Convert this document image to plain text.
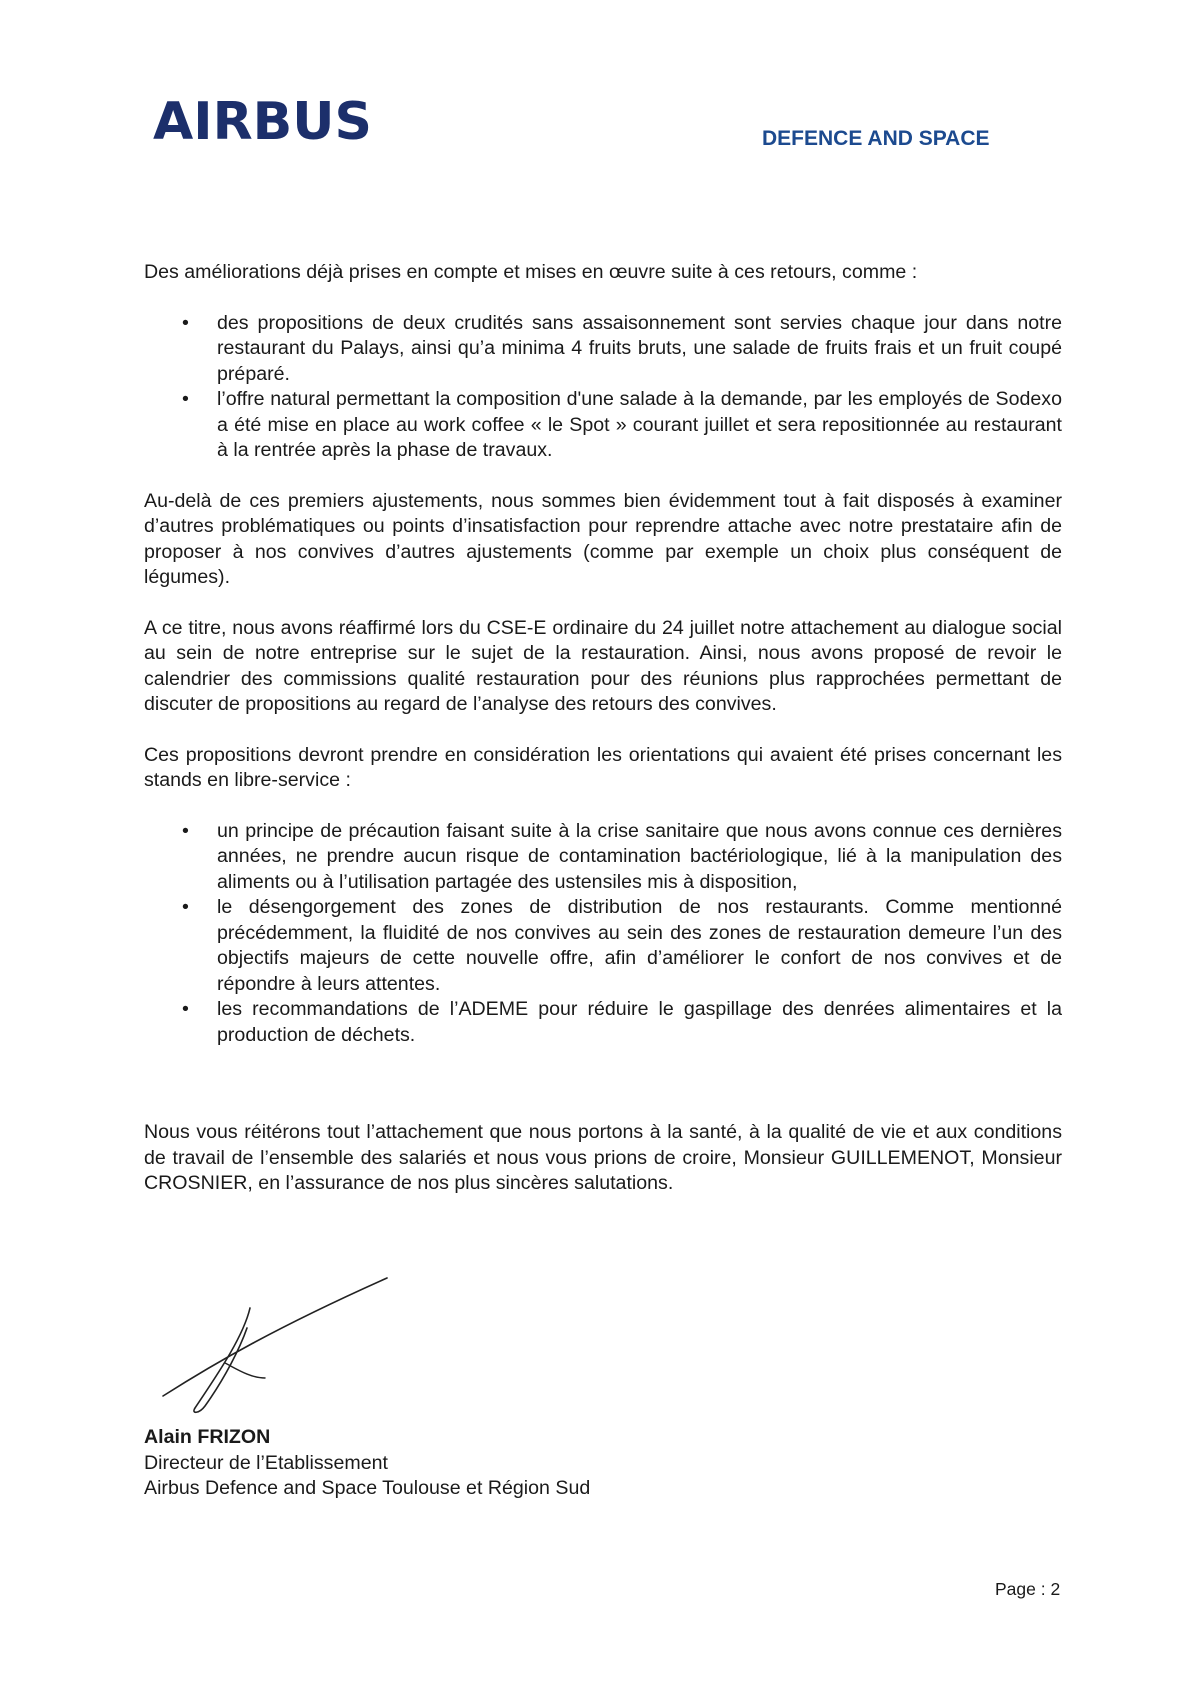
AIRBUS	DEFENCE AND SPACE

Des améliorations déjà prises en compte et mises en œuvre suite à ces retours, comme :

• des propositions de deux crudités sans assaisonnement sont servies chaque jour dans notre restaurant du Palays, ainsi qu’a minima 4 fruits bruts, une salade de fruits frais et un fruit coupé préparé.
• l’offre natural permettant la composition d'une salade à la demande, par les employés de Sodexo a été mise en place au work coffee « le Spot » courant juillet et sera repositionnée au restaurant à la rentrée après la phase de travaux.

Au-delà de ces premiers ajustements, nous sommes bien évidemment tout à fait disposés à examiner d’autres problématiques ou points d’insatisfaction pour reprendre attache avec notre prestataire afin de proposer à nos convives d’autres ajustements (comme par exemple un choix plus conséquent de légumes).

A ce titre, nous avons réaffirmé lors du CSE-E ordinaire du 24 juillet notre attachement au dialogue social au sein de notre entreprise sur le sujet de la restauration. Ainsi, nous avons proposé de revoir le calendrier des commissions qualité restauration pour des réunions plus rapprochées permettant de discuter de propositions au regard de l’analyse des retours des convives.

Ces propositions devront prendre en considération les orientations qui avaient été prises concernant les stands en libre-service :

• un principe de précaution faisant suite à la crise sanitaire que nous avons connue ces dernières années, ne prendre aucun risque de contamination bactériologique, lié à la manipulation des aliments ou à l’utilisation partagée des ustensiles mis à disposition,
• le désengorgement des zones de distribution de nos restaurants. Comme mentionné précédemment, la fluidité de nos convives au sein des zones de restauration demeure l’un des objectifs majeurs de cette nouvelle offre, afin d’améliorer le confort de nos convives et de répondre à leurs attentes.
• les recommandations de l’ADEME pour réduire le gaspillage des denrées alimentaires et la production de déchets.

Nous vous réitérons tout l’attachement que nous portons à la santé, à la qualité de vie et aux conditions de travail de l’ensemble des salariés et nous vous prions de croire, Monsieur GUILLEMENOT, Monsieur CROSNIER, en l’assurance de nos plus sincères salutations.

Alain FRIZON
Directeur de l’Etablissement
Airbus Defence and Space Toulouse et Région Sud
Page : 2
